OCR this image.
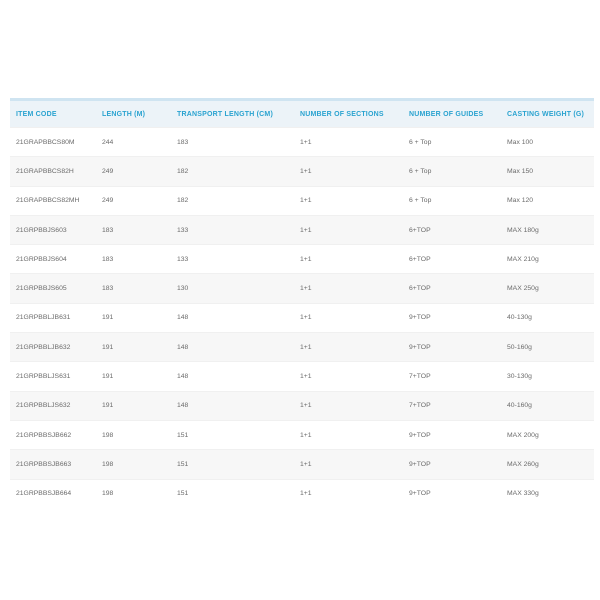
ITEM CODE	LENGTH (M)	TRANSPORT LENGTH (CM)	NUMBER OF SECTIONS	NUMBER OF GUIDES	CASTING WEIGHT (G)
21GRAPBBCS80M	244	183	1+1	6 + Top	Max 100
21GRAPBBCS82H	249	182	1+1	6 + Top	Max 150
21GRAPBBCS82MH	249	182	1+1	6 + Top	Max 120
21GRPBBJS603	183	133	1+1	6+TOP	MAX 180g
21GRPBBJS604	183	133	1+1	6+TOP	MAX 210g
21GRPBBJS605	183	130	1+1	6+TOP	MAX 250g
21GRPBBLJB631	191	148	1+1	9+TOP	40-130g
21GRPBBLJB632	191	148	1+1	9+TOP	50-160g
21GRPBBLJS631	191	148	1+1	7+TOP	30-130g
21GRPBBLJS632	191	148	1+1	7+TOP	40-160g
21GRPBBSJB662	198	151	1+1	9+TOP	MAX 200g
21GRPBBSJB663	198	151	1+1	9+TOP	MAX 260g
21GRPBBSJB664	198	151	1+1	9+TOP	MAX 330g
